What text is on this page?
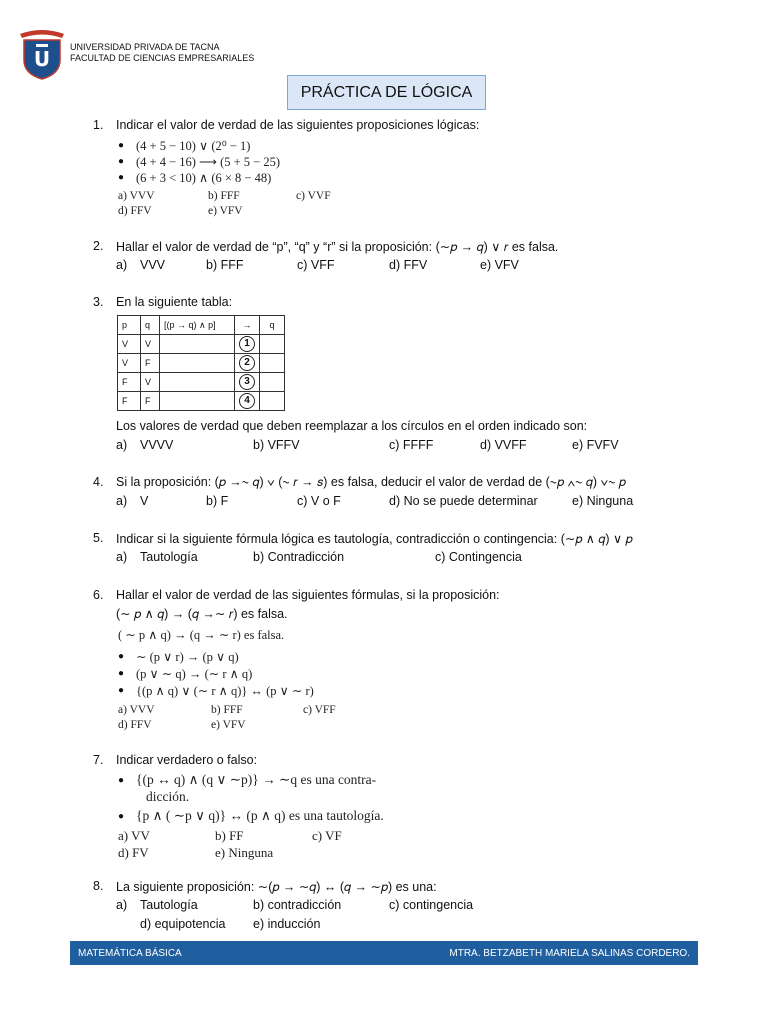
U UNIVERSIDAD PRIVADA DE TACNA
FACULTAD DE CIENCIAS EMPRESARIALES
PRÁCTICA DE LÓGICA
1. Indicar el valor de verdad de las siguientes proposiciones lógicas:
● (4 + 5 − 10) ∨ (2⁰ − 1)
● (4 + 4 − 16) ⟶ (5 + 5 − 25)
● (6 + 3 < 10) ∧ (6 × 8 − 48)
a) VVV	b) FFF	c) VVF
d) FFV	e) VFV
2. Hallar el valor de verdad de “p”, “q” y “r” si la proposición: (∼𝑝 → 𝑞) ∨ 𝑟 es falsa.
a) VVV	b) FFF	c) VFF	d) FFV	e) VFV
3. En la siguiente tabla:
p	q	[(p → q) ∧ p]	→	q
V	V		1	
V	F		2	
F	V		3	
F	F		4	
Los valores de verdad que deben reemplazar a los círculos en el orden indicado son:
a) VVVV	b) VFFV	c) FFFF	d) VVFF	e) FVFV
4. Si la proposición: (𝑝 →∼ 𝑞) ∨ (∼ 𝑟 → 𝑠) es falsa, deducir el valor de verdad de (∼𝑝 ∧∼ 𝑞) ∨∼ 𝑝
a) V	b) F	c) V o F	d) No se puede determinar	e) Ninguna
5. Indicar si la siguiente fórmula lógica es tautología, contradicción o contingencia: (∼𝑝 ∧ 𝑞) ∨ 𝑝
a) Tautología	b) Contradicción	c) Contingencia
6. Hallar el valor de verdad de las siguientes fórmulas, si la proposición:
(∼ 𝑝 ∧ 𝑞) → (𝑞 →∼ 𝑟) es falsa.
( ∼ p ∧ q) → (q → ∼ r) es falsa.
● ∼ (p ∨ r) → (p ∨ q)
● (p ∨ ∼ q) → (∼ r ∧ q)
● {(p ∧ q) ∨ (∼ r ∧ q)} ↔ (p ∨ ∼ r)
a) VVV	b) FFF	c) VFF
d) FFV	e) VFV
7. Indicar verdadero o falso:
● {(p ↔ q) ∧ (q ∨ ∼p)} → ∼q es una contra-
dicción.
● {p ∧ ( ∼p ∨ q)} ↔ (p ∧ q) es una tautología.
a) VV	b) FF	c) VF
d) FV	e) Ninguna
8. La siguiente proposición: ∼(𝑝 → ∼𝑞) ↔ (𝑞 → ∼𝑝) es una:
a) Tautología	b) contradicción	c) contingencia
d) equipotencia e) inducción
MATEMÁTICA BÁSICA	MTRA. BETZABETH MARIELA SALINAS CORDERO.
